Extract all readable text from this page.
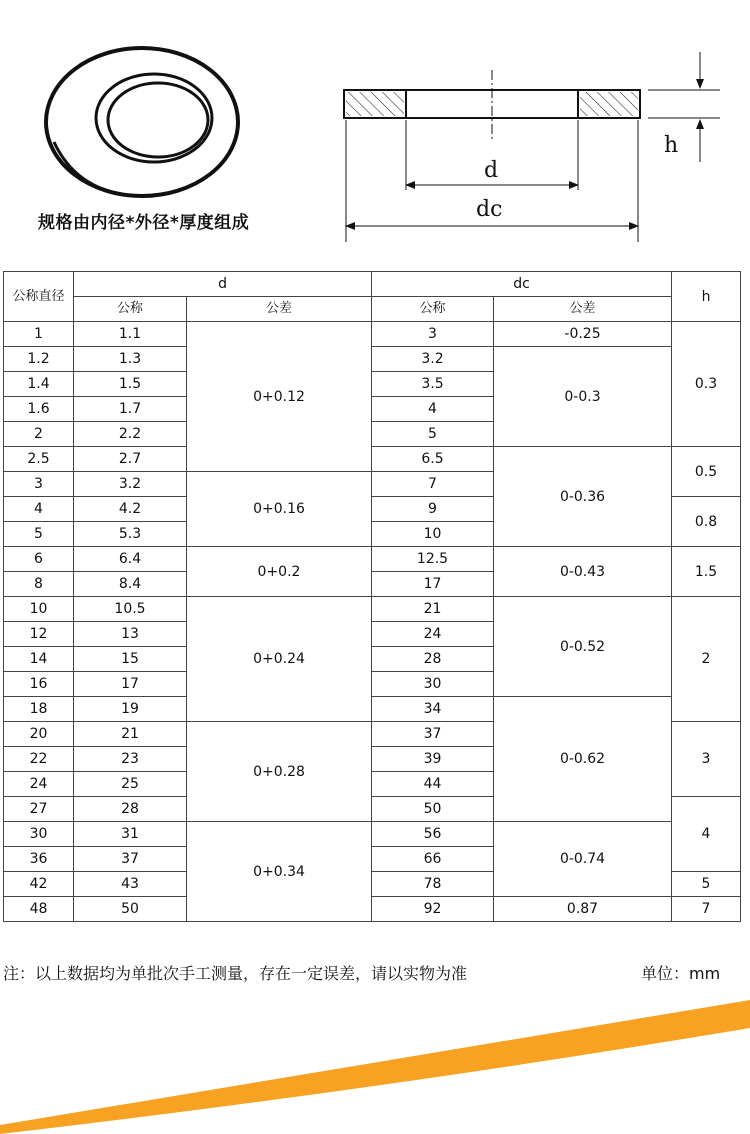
规格由内径*外径*厚度组成
d
dc
h
公称直径	d		dc		h
	公称	公差	公称	公差	
1	1.1	0+0.12	3	-0.25	0.3
1.2	1.3		3.2	0-0.3	
1.4	1.5		3.5		
1.6	1.7		4		
2	2.2		5		
2.5	2.7		6.5	0-0.36	0.5
3	3.2	0+0.16	7		
4	4.2		9		0.8
5	5.3		10		
6	6.4	0+0.2	12.5	0-0.43	1.5
8	8.4		17		
10	10.5	0+0.24	21	0-0.52	2
12	13		24		
14	15		28		
16	17		30		
18	19		34	0-0.62	
20	21	0+0.28	37		3
22	23		39		
24	25		44		
27	28		50		4
30	31	0+0.34	56	0-0.74	
36	37		66		
42	43		78		5
48	50		92	0.87	7
注：以上数据均为单批次手工测量，存在一定误差，请以实物为准	单位：mm
